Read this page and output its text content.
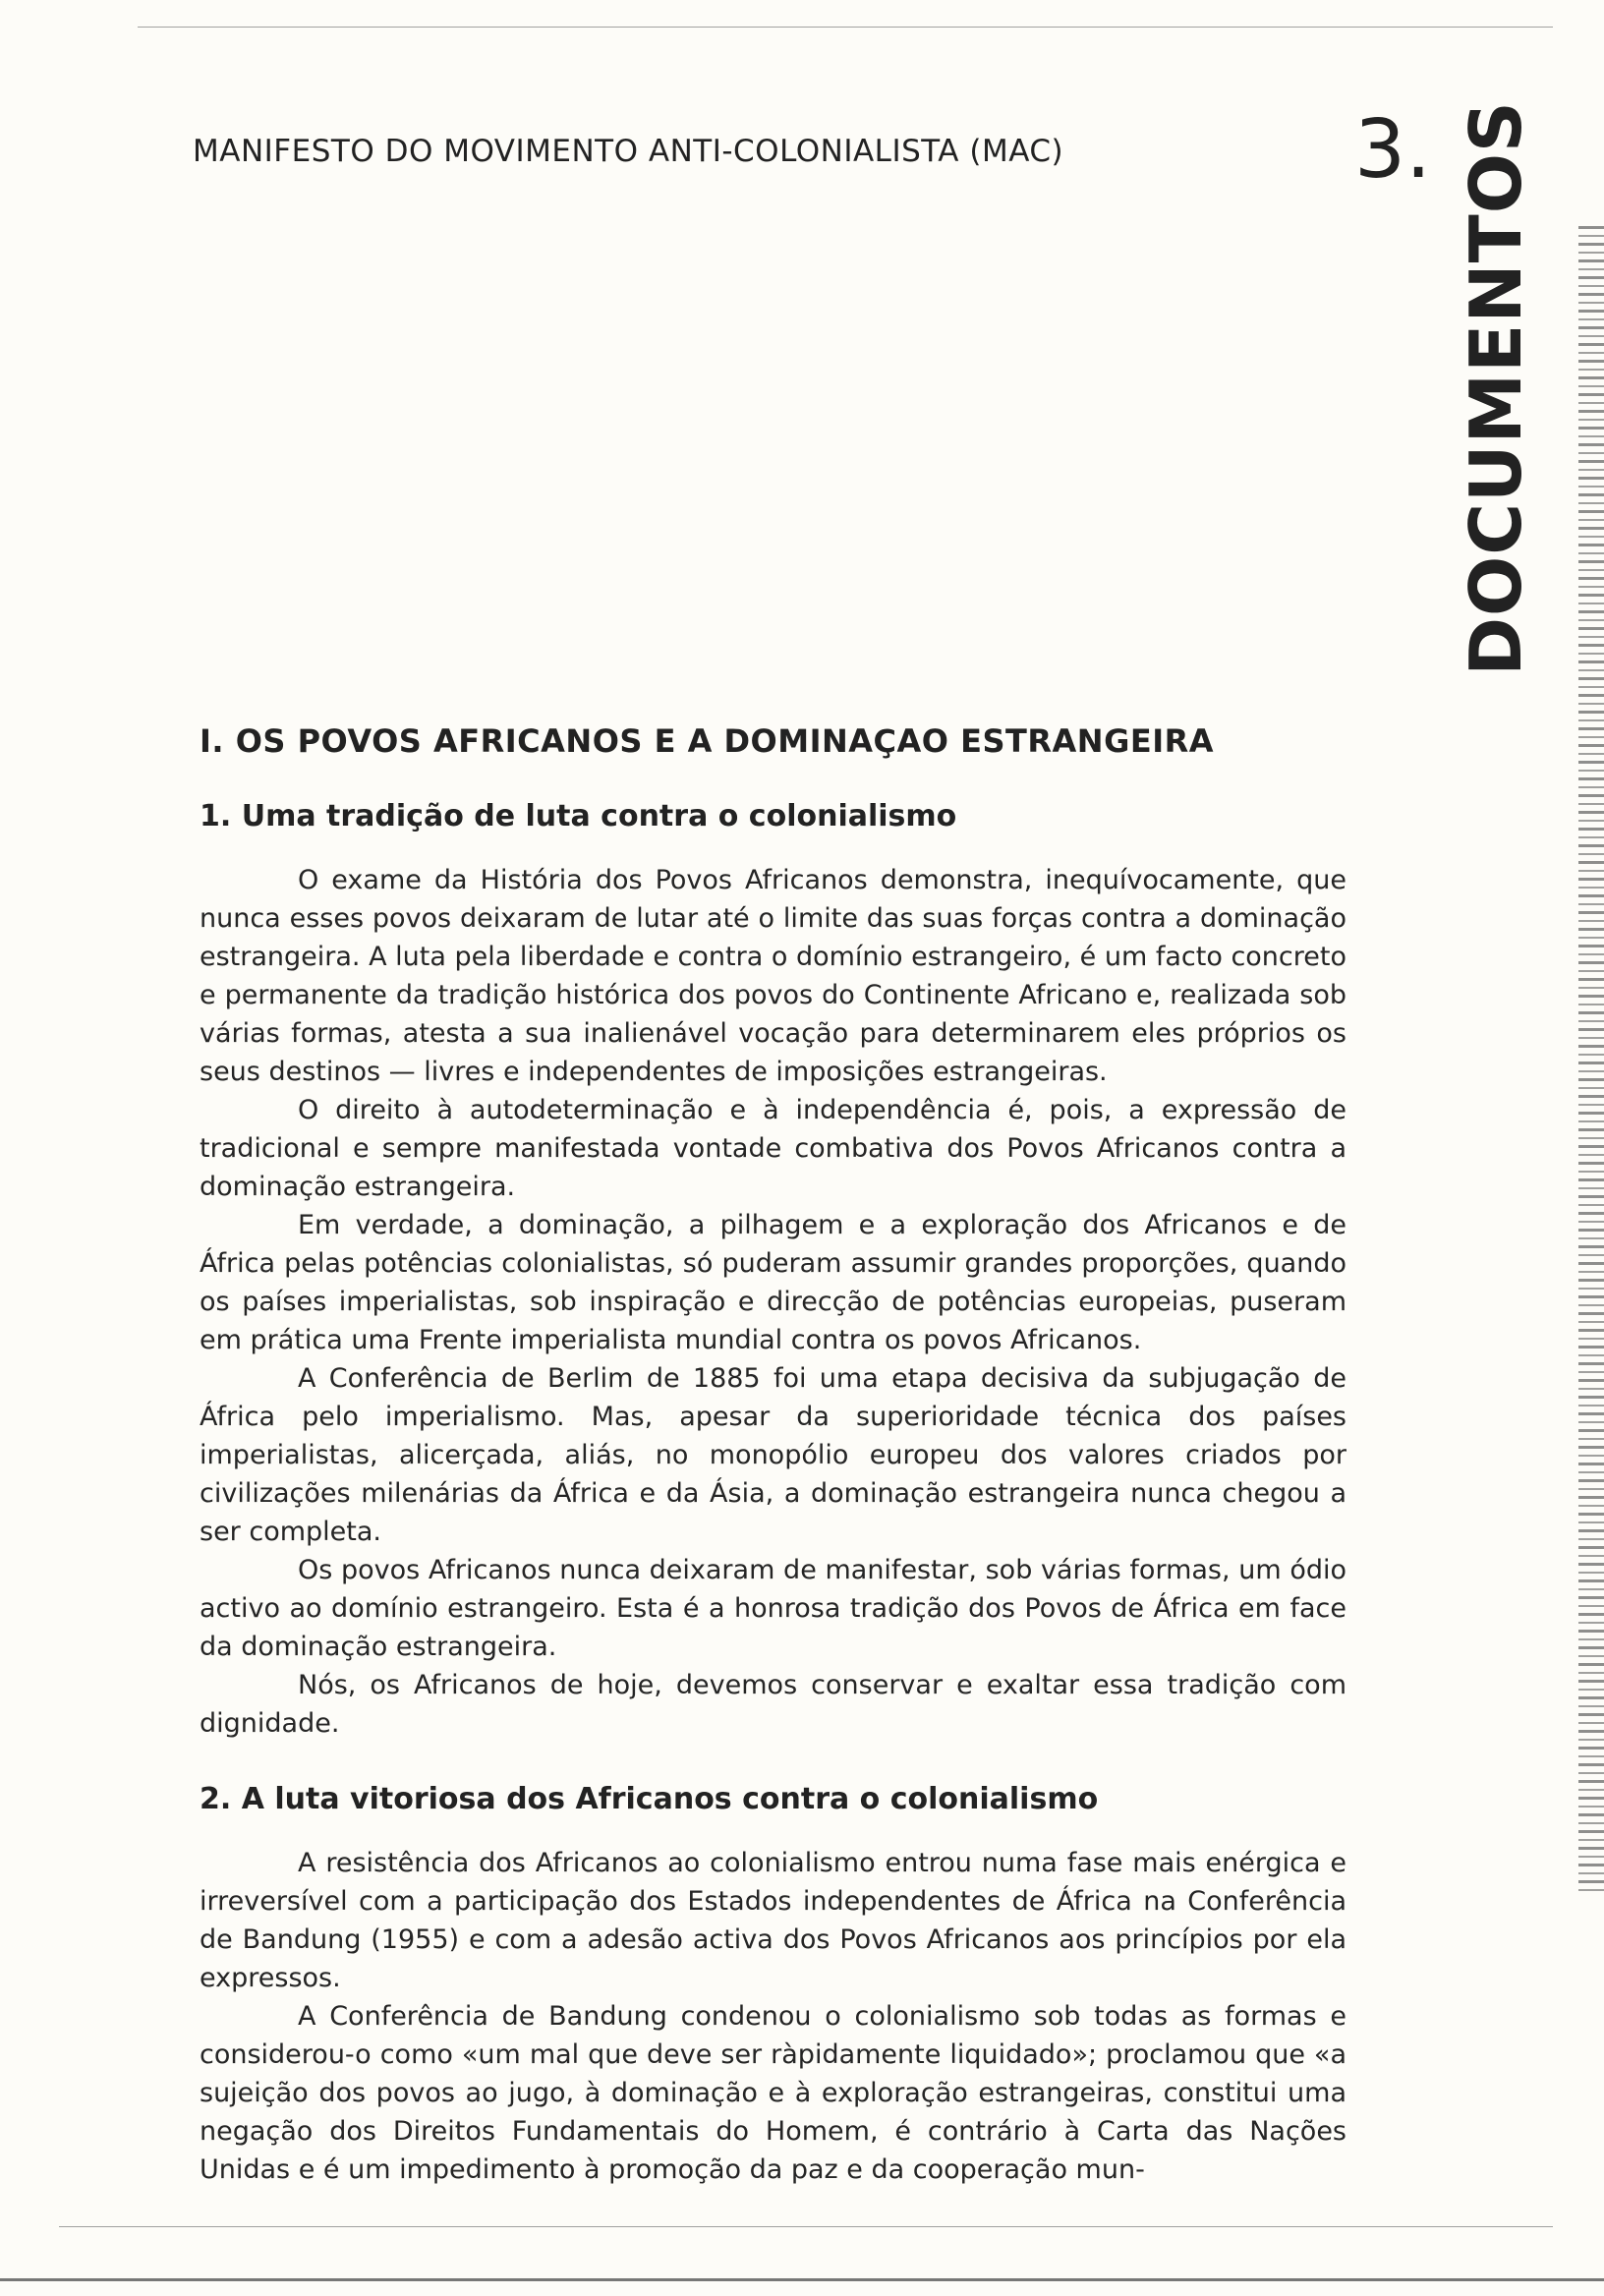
MANIFESTO DO MOVIMENTO ANTI-COLONIALISTA (MAC)	3. DOCUMENTOS
I. OS POVOS AFRICANOS E A DOMINAÇAO ESTRANGEIRA
1. Uma tradição de luta contra o colonialismo

O exame da História dos Povos Africanos demonstra, inequívocamente, que nunca esses povos deixaram de lutar até o limite das suas forças contra a dominação estrangeira. A luta pela liberdade e contra o domínio estrangeiro, é um facto concreto e permanente da tradição histórica dos povos do Continente Africano e, realizada sob várias formas, atesta a sua inalienável vocação para determinarem eles próprios os seus destinos — livres e independentes de imposições estrangeiras.

O direito à autodeterminação e à independência é, pois, a expressão de tradicional e sempre manifestada vontade combativa dos Povos Africanos contra a dominação estrangeira.

Em verdade, a dominação, a pilhagem e a exploração dos Africanos e de África pelas potências colonialistas, só puderam assumir grandes proporções, quando os países imperialistas, sob inspiração e direcção de potências europeias, puseram em prática uma Frente imperialista mundial contra os povos Africanos.

A Conferência de Berlim de 1885 foi uma etapa decisiva da subjugação de África pelo imperialismo. Mas, apesar da superioridade técnica dos países imperialistas, alicerçada, aliás, no monopólio europeu dos valores criados por civilizações milenárias da África e da Ásia, a dominação estrangeira nunca chegou a ser completa.

Os povos Africanos nunca deixaram de manifestar, sob várias formas, um ódio activo ao domínio estrangeiro. Esta é a honrosa tradição dos Povos de África em face da dominação estrangeira.

Nós, os Africanos de hoje, devemos conservar e exaltar essa tradição com dignidade.

2. A luta vitoriosa dos Africanos contra o colonialismo

A resistência dos Africanos ao colonialismo entrou numa fase mais enérgica e irreversível com a participação dos Estados independentes de África na Conferência de Bandung (1955) e com a adesão activa dos Povos Africanos aos princípios por ela expressos.

A Conferência de Bandung condenou o colonialismo sob todas as formas e considerou-o como «um mal que deve ser ràpidamente liquidado»; proclamou que «a sujeição dos povos ao jugo, à dominação e à exploração estrangeiras, constitui uma negação dos Direitos Fundamentais do Homem, é contrário à Carta das Nações Unidas e é um impedimento à promoção da paz e da cooperação mun-
